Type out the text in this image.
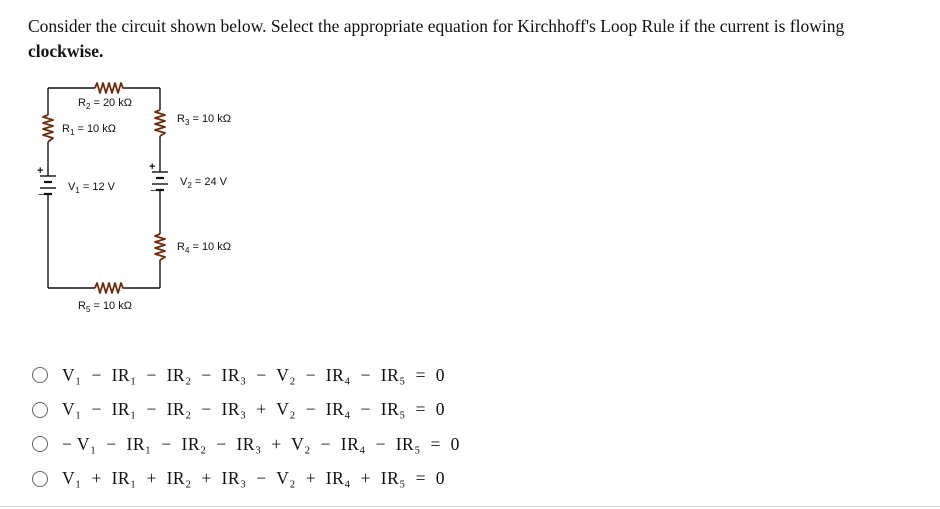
Consider the circuit shown below. Select the appropriate equation for Kirchhoff's Loop Rule if the current is flowing clockwise.
+
−
+
−
$R_2 = 20$ kΩ
$R_1 = 10$ kΩ
$R_3 = 10$ kΩ
$V_1 = 12$ V	$V_2 = 24$ V
$R_4 = 10$ kΩ
$R_5 = 10$ kΩ
V₁  −  IR₁  −  IR₂  −  IR₃  −  V₂  −  IR₄  −  IR₅  =  0
V₁  −  IR₁  −  IR₂  −  IR₃  +  V₂  −  IR₄  −  IR₅  =  0
− V₁  −  IR₁  −  IR₂  −  IR₃  +  V₂  −  IR₄  −  IR₅  =  0
V₁  +  IR₁  +  IR₂  +  IR₃  −  V₂  +  IR₄  +  IR₅  =  0
